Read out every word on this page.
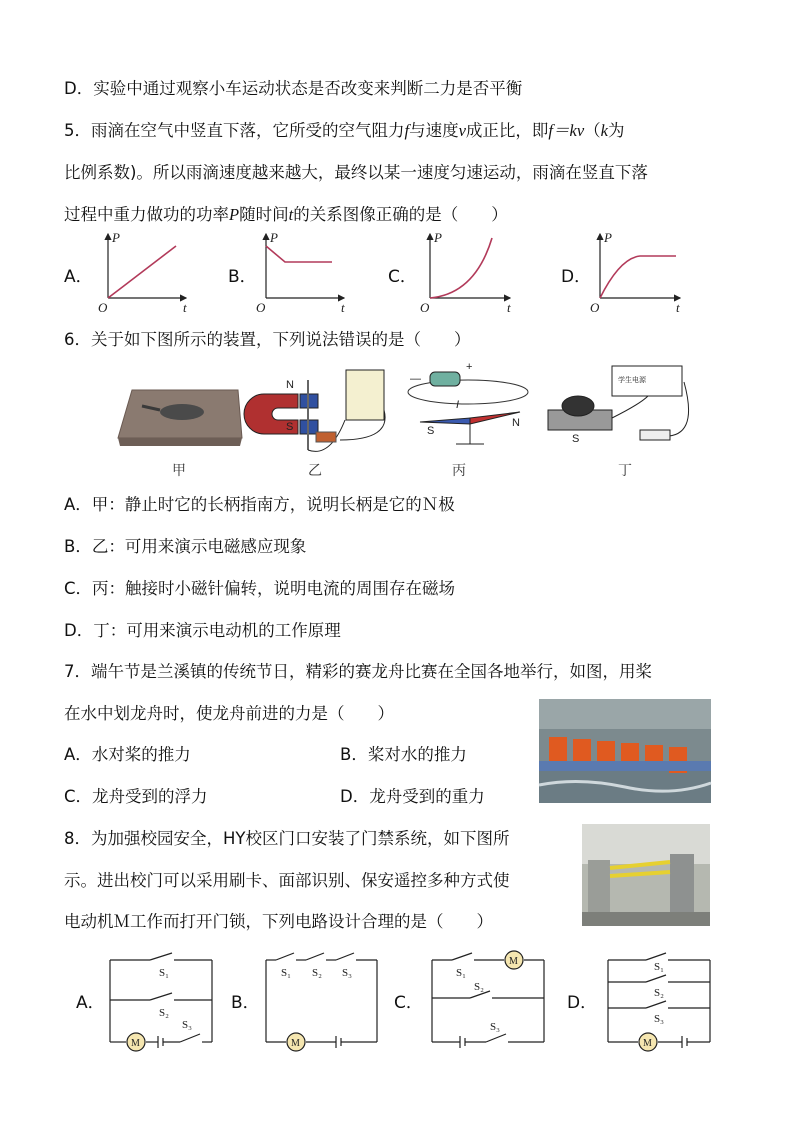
D．实验中通过观察小车运动状态是否改变来判断二力是否平衡
5．雨滴在空气中竖直下落，它所受的空气阻力f与速度v成正比，即f＝kv（k为
比例系数)。所以雨滴速度越来越大，最终以某一速度匀速运动，雨滴在竖直下落
过程中重力做功的功率P随时间t的关系图像正确的是（　　）
A．	B．	C．	D．
P
O	t
P
O	t
P
O	t
P
O	t
6．关于如下图所示的装置，下列说法错误的是（　　）
N
S
+
—
I
S
N
S
学生电源
甲	乙	丙	丁
A．甲：静止时它的长柄指南方，说明长柄是它的Ｎ极
B．乙：可用来演示电磁感应现象
C．丙：触接时小磁针偏转，说明电流的周围存在磁场
D．丁：可用来演示电动机的工作原理
7．端午节是兰溪镇的传统节日，精彩的赛龙舟比赛在全国各地举行，如图，用桨
在水中划龙舟时，使龙舟前进的力是（　　）
A．水对桨的推力	B．桨对水的推力
C．龙舟受到的浮力	D．龙舟受到的重力
8．为加强校园安全，HY校区门口安装了门禁系统，如下图所
示。进出校门可以采用刷卡、面部识别、保安遥控多种方式使
电动机Ｍ工作而打开门锁，下列电路设计合理的是（　　）
A．	B．	C．	D．
S₁
S₂
S₃
M
S₁ S₂ S₃
M
S₁
M
S₂
S₃
S₁
S₂
S₃
M
